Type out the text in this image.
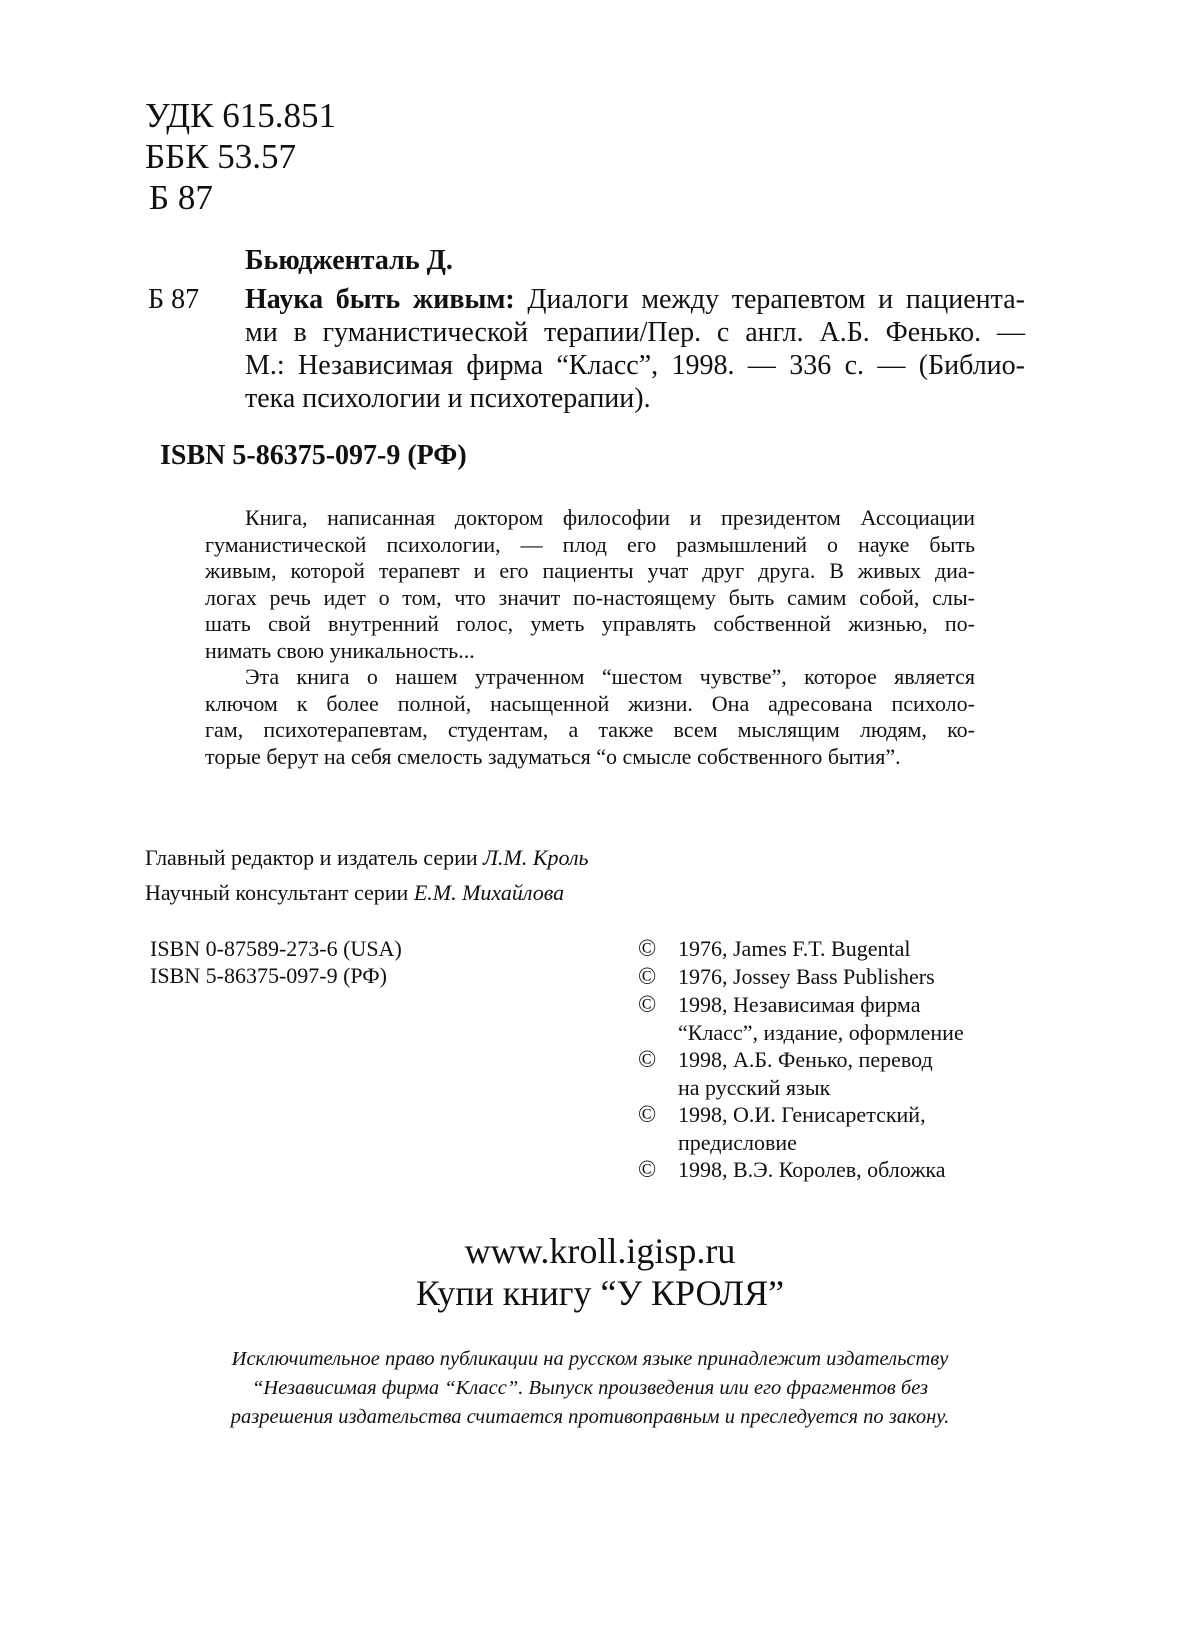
УДК 615.851
ББК 53.57
Б 87
Бьюдженталь Д.
Б 87 Наука быть живым: Диалоги между терапевтом и пациента-
ми в гуманистической терапии/Пер. с англ. А.Б. Фенько. —
М.: Независимая фирма “Класс”, 1998. — 336 с. — (Библио-
тека психологии и психотерапии).
ISBN 5-86375-097-9 (РФ)
Книга, написанная доктором философии и президентом Ассоциации
гуманистической психологии, — плод его размышлений о науке быть
живым, которой терапевт и его пациенты учат друг друга. В живых диа-
логах речь идет о том, что значит по-настоящему быть самим собой, слы-
шать свой внутренний голос, уметь управлять собственной жизнью, по-
нимать свою уникальность...
Эта книга о нашем утраченном “шестом чувстве”, которое является
ключом к более полной, насыщенной жизни. Она адресована психоло-
гам, психотерапевтам, студентам, а также всем мыслящим людям, ко-
торые берут на себя смелость задуматься “о смысле собственного бытия”.
Главный редактор и издатель серии Л.М. Кроль
Научный консультант серии Е.М. Михайлова
ISBN 0-87589-273-6 (USA)
ISBN 5-86375-097-9 (РФ)
© 1976, James F.T. Bugental
© 1976, Jossey Bass Publishers
© 1998, Независимая фирма
“Класс”, издание, оформление
© 1998, А.Б. Фенько, перевод
на русский язык
© 1998, О.И. Генисаретский,
предисловие
© 1998, В.Э. Королев, обложка
www.kroll.igisp.ru
Купи книгу “У КРОЛЯ”
Исключительное право публикации на русском языке принадлежит издательству
“Независимая фирма “Класс”. Выпуск произведения или его фрагментов без
разрешения издательства считается противоправным и преследуется по закону.
